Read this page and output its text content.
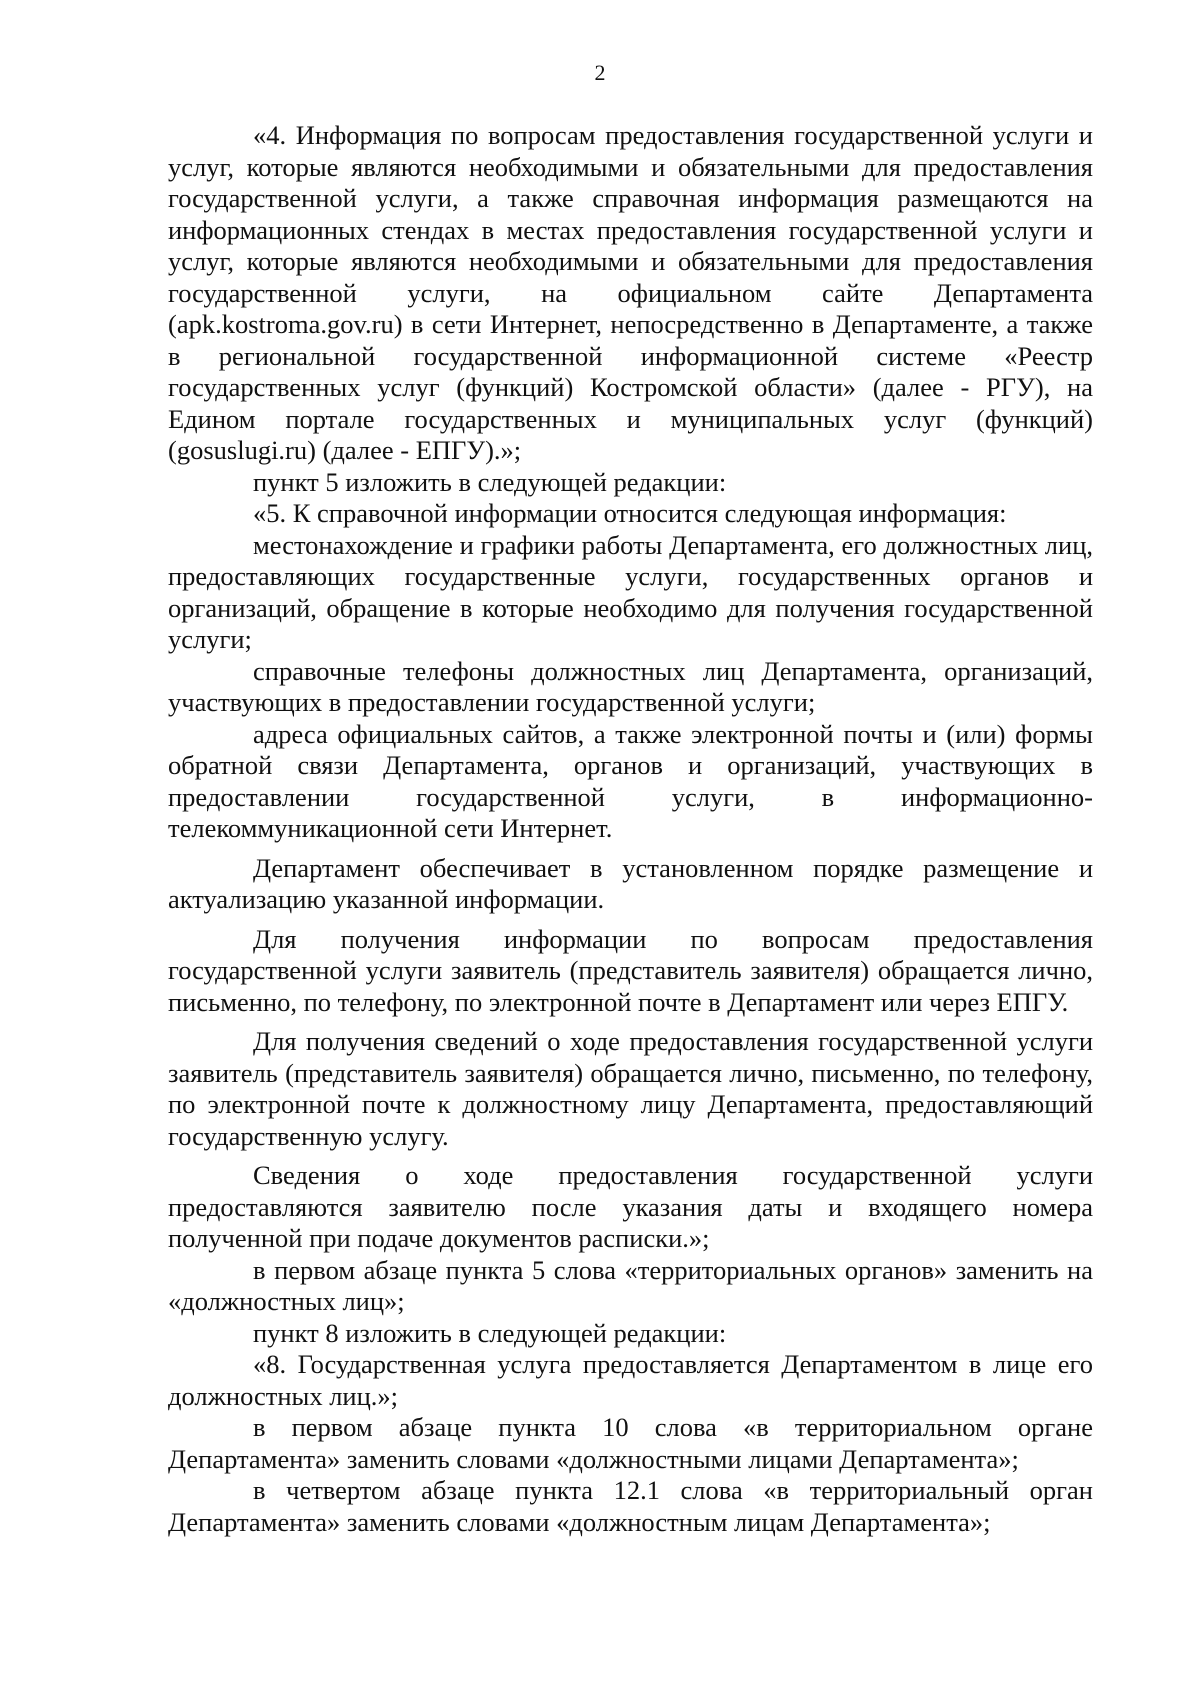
2

«4. Информация по вопросам предоставления государственной услуги и услуг, которые являются необходимыми и обязательными для предоставления государственной услуги, а также справочная информация размещаются на информационных стендах в местах предоставления государственной услуги и услуг, которые являются необходимыми и обязательными для предоставления государственной услуги, на официальном сайте Департамента (apk.kostroma.gov.ru) в сети Интернет, непосредственно в Департаменте, а также в региональной государственной информационной системе «Реестр государственных услуг (функций) Костромской области» (далее - РГУ), на Едином портале государственных и муниципальных услуг (функций) (gosuslugi.ru) (далее - ЕПГУ).»;

пункт 5 изложить в следующей редакции:

«5. К справочной информации относится следующая информация:

местонахождение и графики работы Департамента, его должностных лиц, предоставляющих государственные услуги, государственных органов и организаций, обращение в которые необходимо для получения государственной услуги;

справочные телефоны должностных лиц Департамента, организаций, участвующих в предоставлении государственной услуги;

адреса официальных сайтов, а также электронной почты и (или) формы обратной связи Департамента, органов и организаций, участвующих в предоставлении государственной услуги, в информационно-телекоммуникационной сети Интернет.

Департамент обеспечивает в установленном порядке размещение и актуализацию указанной информации.

Для получения информации по вопросам предоставления государственной услуги заявитель (представитель заявителя) обращается лично, письменно, по телефону, по электронной почте в Департамент или через ЕПГУ.

Для получения сведений о ходе предоставления государственной услуги заявитель (представитель заявителя) обращается лично, письменно, по телефону, по электронной почте к должностному лицу Департамента, предоставляющий государственную услугу.

Сведения о ходе предоставления государственной услуги предоставляются заявителю после указания даты и входящего номера полученной при подаче документов расписки.»;

в первом абзаце пункта 5 слова «территориальных органов» заменить на «должностных лиц»;

пункт 8 изложить в следующей редакции:

«8. Государственная услуга предоставляется Департаментом в лице его должностных лиц.»;

в первом абзаце пункта 10 слова «в территориальном органе Департамента» заменить словами «должностными лицами Департамента»;

в четвертом абзаце пункта 12.1 слова «в территориальный орган Департамента» заменить словами «должностным лицам Департамента»;
